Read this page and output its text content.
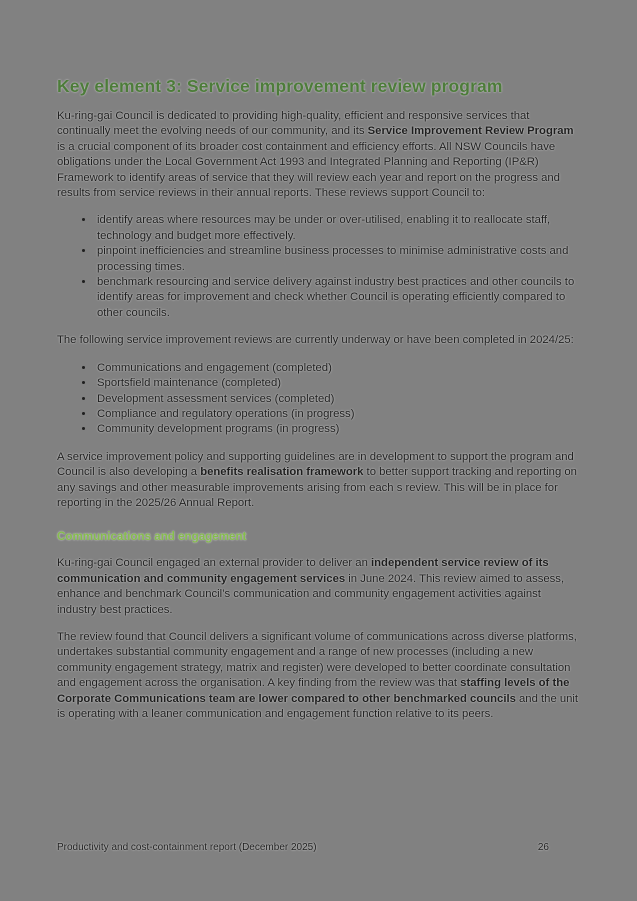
Key element 3: Service improvement review program

Ku-ring-gai Council is dedicated to providing high-quality, efficient and responsive services that continually meet the evolving needs of our community, and its Service Improvement Review Program is a crucial component of its broader cost containment and efficiency efforts. All NSW Councils have obligations under the Local Government Act 1993 and Integrated Planning and Reporting (IP&R) Framework to identify areas of service that they will review each year and report on the progress and results from service reviews in their annual reports. These reviews support Council to:

• identify areas where resources may be under or over-utilised, enabling it to reallocate staff, technology and budget more effectively.
• pinpoint inefficiencies and streamline business processes to minimise administrative costs and processing times.
• benchmark resourcing and service delivery against industry best practices and other councils to identify areas for improvement and check whether Council is operating efficiently compared to other councils.

The following service improvement reviews are currently underway or have been completed in 2024/25:

• Communications and engagement (completed)
• Sportsfield maintenance (completed)
• Development assessment services (completed)
• Compliance and regulatory operations (in progress)
• Community development programs (in progress)

A service improvement policy and supporting guidelines are in development to support the program and Council is also developing a benefits realisation framework to better support tracking and reporting on any savings and other measurable improvements arising from each s review. This will be in place for reporting in the 2025/26 Annual Report.

Communications and engagement

Ku-ring-gai Council engaged an external provider to deliver an independent service review of its communication and community engagement services in June 2024. This review aimed to assess, enhance and benchmark Council’s communication and community engagement activities against industry best practices.

The review found that Council delivers a significant volume of communications across diverse platforms, undertakes substantial community engagement and a range of new processes (including a new community engagement strategy, matrix and register) were developed to better coordinate consultation and engagement across the organisation. A key finding from the review was that staffing levels of the Corporate Communications team are lower compared to other benchmarked councils and the unit is operating with a leaner communication and engagement function relative to its peers.

Productivity and cost-containment report (December 2025)	26
